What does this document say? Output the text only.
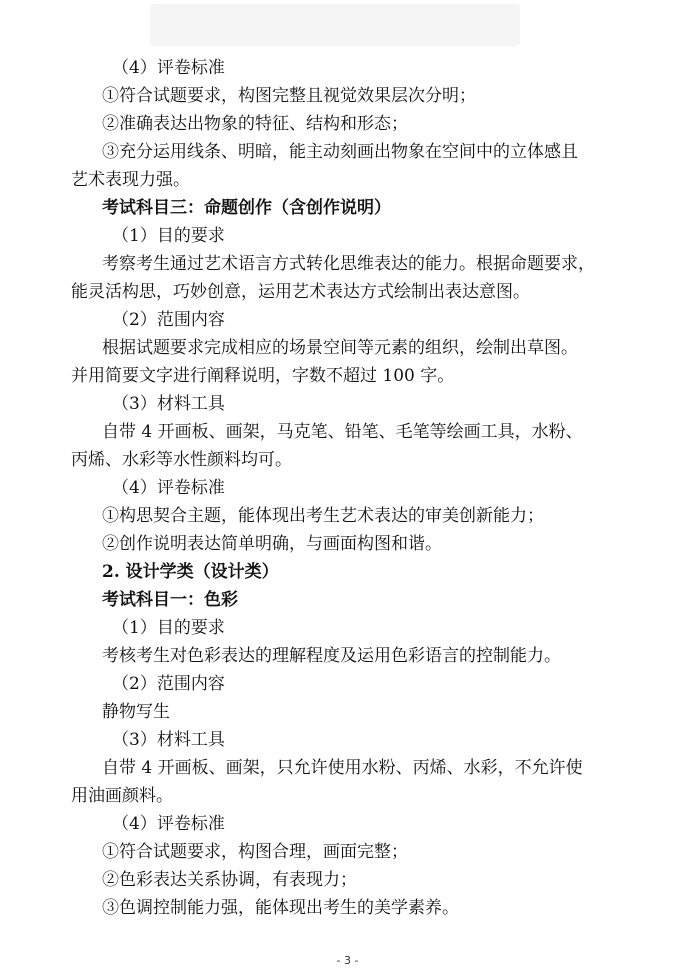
（4）评卷标准
①符合试题要求，构图完整且视觉效果层次分明；
②准确表达出物象的特征、结构和形态；
③充分运用线条、明暗，能主动刻画出物象在空间中的立体感且
艺术表现力强。
考试科目三：命题创作（含创作说明）
（1）目的要求
考察考生通过艺术语言方式转化思维表达的能力。根据命题要求，
能灵活构思，巧妙创意，运用艺术表达方式绘制出表达意图。
（2）范围内容
根据试题要求完成相应的场景空间等元素的组织，绘制出草图。
并用简要文字进行阐释说明，字数不超过 100 字。
（3）材料工具
自带 4 开画板、画架，马克笔、铅笔、毛笔等绘画工具，水粉、
丙烯、水彩等水性颜料均可。
（4）评卷标准
①构思契合主题，能体现出考生艺术表达的审美创新能力；
②创作说明表达简单明确，与画面构图和谐。
2. 设计学类（设计类）
考试科目一：色彩
（1）目的要求
考核考生对色彩表达的理解程度及运用色彩语言的控制能力。
（2）范围内容
静物写生
（3）材料工具
自带 4 开画板、画架，只允许使用水粉、丙烯、水彩，不允许使
用油画颜料。
（4）评卷标准
①符合试题要求，构图合理，画面完整；
②色彩表达关系协调，有表现力；
③色调控制能力强，能体现出考生的美学素养。
- 3 -
